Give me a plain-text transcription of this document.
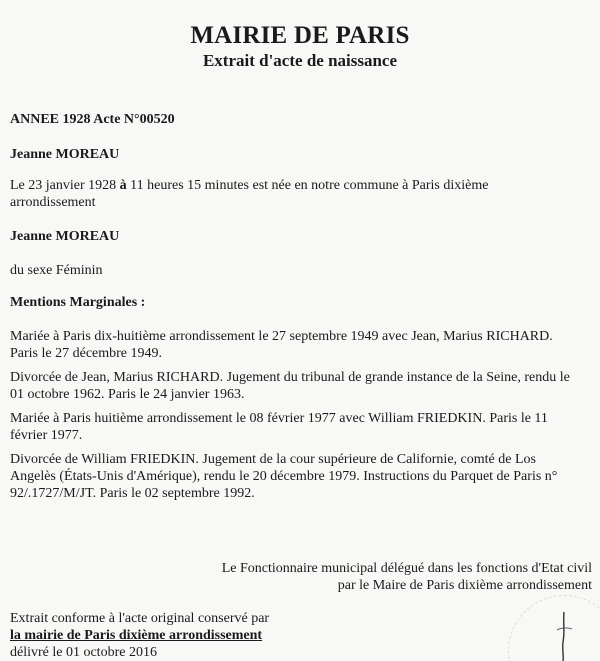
MAIRIE DE PARIS
Extrait d'acte de naissance
ANNEE 1928 Acte N°00520
Jeanne MOREAU
Le 23 janvier 1928 à 11 heures 15 minutes est née en notre commune à Paris dixième
arrondissement
Jeanne MOREAU
du sexe Féminin
Mentions Marginales :
Mariée à Paris dix-huitième arrondissement le 27 septembre 1949 avec Jean, Marius RICHARD.
Paris le 27 décembre 1949.
Divorcée de Jean, Marius RICHARD. Jugement du tribunal de grande instance de la Seine, rendu le
01 octobre 1962. Paris le 24 janvier 1963.
Mariée à Paris huitième arrondissement le 08 février 1977 avec William FRIEDKIN. Paris le 11
février 1977.
Divorcée de William FRIEDKIN. Jugement de la cour supérieure de Californie, comté de Los
Angelès (États-Unis d'Amérique), rendu le 20 décembre 1979. Instructions du Parquet de Paris n°
92/.1727/M/JT. Paris le 02 septembre 1992.
Le Fonctionnaire municipal délégué dans les fonctions d'Etat civil
par le Maire de Paris dixième arrondissement
Extrait conforme à l'acte original conservé par
la mairie de Paris dixième arrondissement
délivré le 01 octobre 2016
